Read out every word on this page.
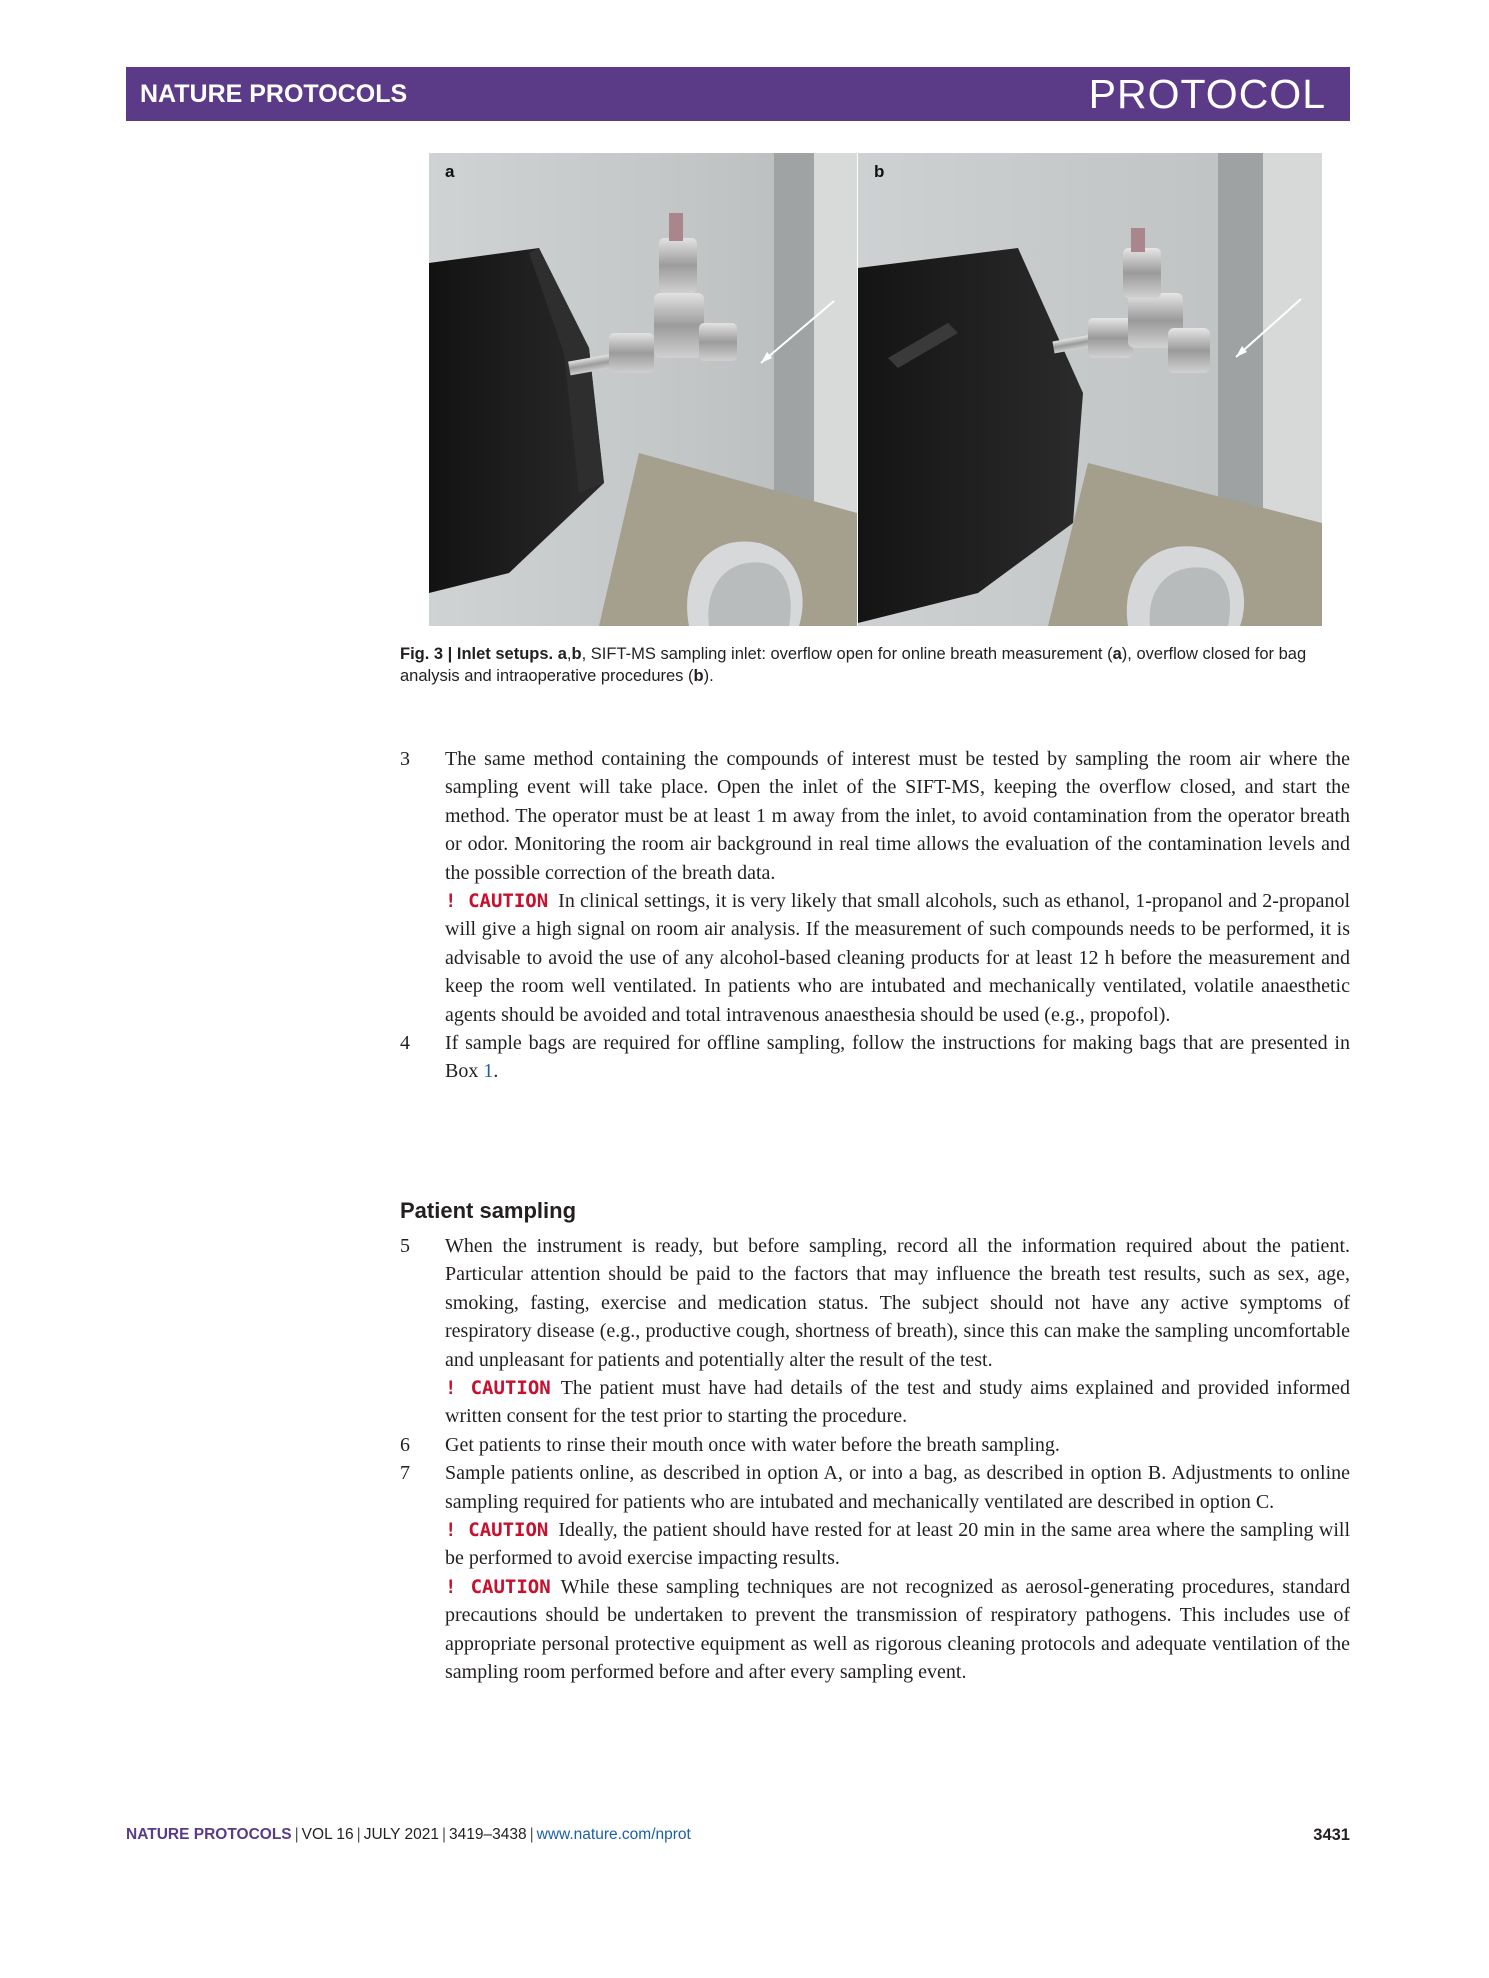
NATURE PROTOCOLS	PROTOCOL
a	b
Fig. 3 | Inlet setups. a,b, SIFT-MS sampling inlet: overflow open for online breath measurement (a), overflow closed for bag analysis and intraoperative procedures (b).
3 The same method containing the compounds of interest must be tested by sampling the room air where the sampling event will take place. Open the inlet of the SIFT-MS, keeping the overflow closed, and start the method. The operator must be at least 1 m away from the inlet, to avoid contamination from the operator breath or odor. Monitoring the room air background in real time allows the evaluation of the contamination levels and the possible correction of the breath data.
! CAUTION In clinical settings, it is very likely that small alcohols, such as ethanol, 1-propanol and 2-propanol will give a high signal on room air analysis. If the measurement of such compounds needs to be performed, it is advisable to avoid the use of any alcohol-based cleaning products for at least 12 h before the measurement and keep the room well ventilated. In patients who are intubated and mechanically ventilated, volatile anaesthetic agents should be avoided and total intravenous anaesthesia should be used (e.g., propofol).
4 If sample bags are required for offline sampling, follow the instructions for making bags that are presented in Box 1.
Patient sampling
5 When the instrument is ready, but before sampling, record all the information required about the patient. Particular attention should be paid to the factors that may influence the breath test results, such as sex, age, smoking, fasting, exercise and medication status. The subject should not have any active symptoms of respiratory disease (e.g., productive cough, shortness of breath), since this can make the sampling uncomfortable and unpleasant for patients and potentially alter the result of the test.
! CAUTION The patient must have had details of the test and study aims explained and provided informed written consent for the test prior to starting the procedure.
6 Get patients to rinse their mouth once with water before the breath sampling.
7 Sample patients online, as described in option A, or into a bag, as described in option B. Adjustments to online sampling required for patients who are intubated and mechanically ventilated are described in option C.
! CAUTION Ideally, the patient should have rested for at least 20 min in the same area where the sampling will be performed to avoid exercise impacting results.
! CAUTION While these sampling techniques are not recognized as aerosol-generating procedures, standard precautions should be undertaken to prevent the transmission of respiratory pathogens. This includes use of appropriate personal protective equipment as well as rigorous cleaning protocols and adequate ventilation of the sampling room performed before and after every sampling event.
NATURE PROTOCOLS | VOL 16 | JULY 2021 | 3419–3438 | www.nature.com/nprot	3431
